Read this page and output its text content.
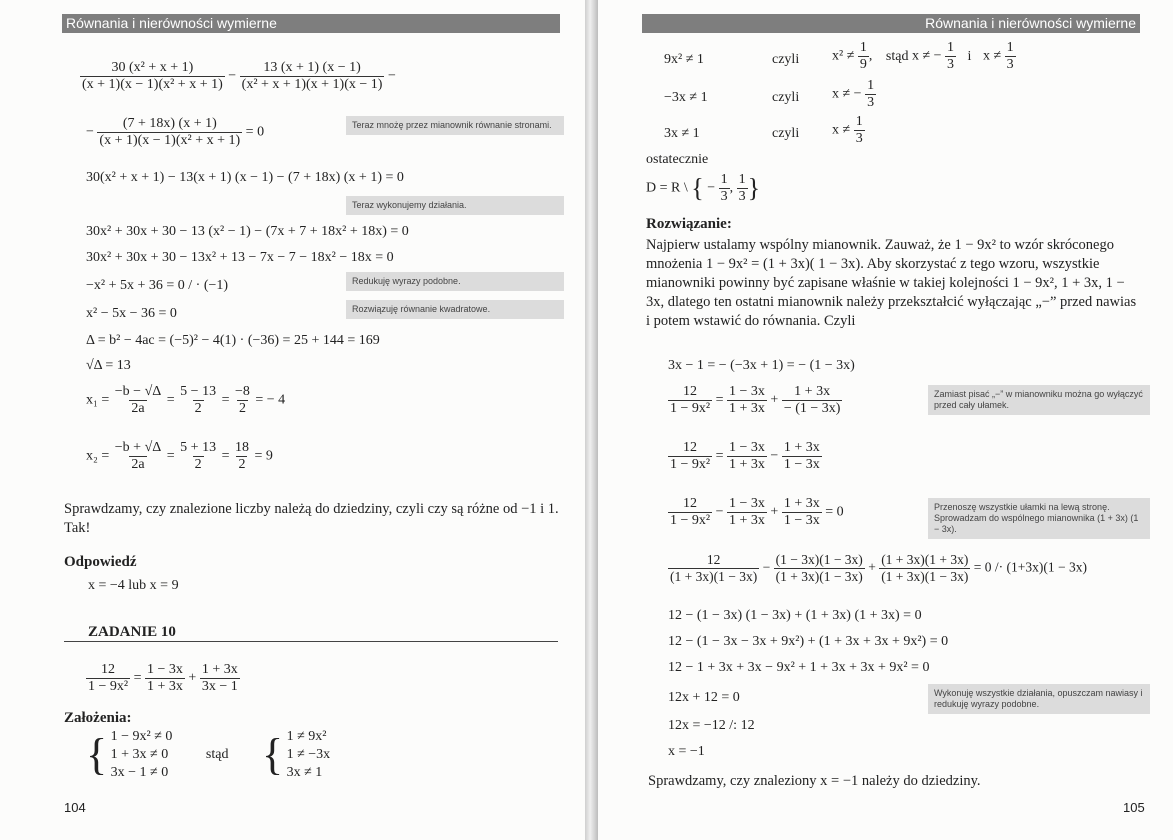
Równania i nierówności wymierne
$\frac{\text{30 (x² + x + 1)}}{\text{(x + 1)(x − 1)(x² + x + 1)}} - \frac{13 (x + 1) (x - 1)}{\text{(x² + x + 1)(x + 1)(x − 1)}}$ −
− $\frac{(7 + 18x) (x + 1)}{\text{(x + 1)(x − 1)(x² + x + 1)}} = 0$	Teraz mnożę przez mianownik równanie stronami.
30(x² + x + 1) − 13(x + 1) (x − 1) − (7 + 18x) (x + 1) = 0
Teraz wykonujemy działania.
30x² + 30x + 30 − 13 (x² − 1) − (7x + 7 + 18x² + 18x) = 0
30x² + 30x + 30 − 13x² + 13 − 7x − 7 − 18x² − 18x = 0
−x² + 5x + 36 = 0 / · (−1)	Redukuję wyrazy podobne.
x² − 5x − 36 = 0	Rozwiązuję równanie kwadratowe.
Δ = b² − 4ac = (−5)² − 4(1) · (−36) = 25 + 144 = 169
√Δ = 13
$x_1 = \frac{-b - √\Delta}{2a} = \frac{5 - 13}{2} = \frac{-8}{2}$ = − 4
$x_2 = \frac{-b + √\Delta}{2a} = \frac{5 + 13}{2} = \frac{18}{2} = 9$
Sprawdzamy, czy znalezione liczby należą do dziedziny, czyli czy są różne od −1 i 1. Tak!
Odpowiedź
x = −4 lub x = 9
ZADANIE 10
$\frac{12}{\text{1 − 9x²}} = \frac{1 - 3x}{1 + 3x} + \frac{1 + 3x}{3x - 1}$
Założenia:
{ 1 − 9x² ≠ 0
1 + 3x ≠ 0
3x − 1 ≠ 0
stąd { 1 ≠ 9x²
1 ≠ −3x
3x ≠ 1
104
Równania i nierówności wymierne
9x² ≠ 1	czyli $x^2 \ne \frac{1}{9}$ , stąd x ≠ − $\frac{1}{3}$ i $x \ne \frac{1}{3}$
−3x ≠ 1	czyli x ≠ − $\frac{1}{3}$
3x ≠ 1	czyli $x \ne \frac{1}{3}$
ostatecznie
D = R \ { − $\frac{1}{3}$ , $\frac{1}{3}$ }
Rozwiązanie:
Najpierw ustalamy wspólny mianownik. Zauważ, że 1 − 9x² to wzór skróconego mnożenia 1 − 9x² = (1 + 3x)( 1 − 3x). Aby skorzystać z tego wzoru, wszystkie mianowniki powinny być zapisane właśnie w takiej kolejności 1 − 9x², 1 + 3x, 1 − 3x, dlatego ten ostatni mianownik należy przekształcić wyłączając „−” przed nawias i potem wstawić do równania. Czyli
3x − 1 = − (−3x + 1) = − (1 − 3x)
$\frac{12}{\text{1 − 9x²}} = \frac{1 - 3x}{1 + 3x} + \frac{1 + 3x}{- (1 - 3x)}$	Zamiast pisać „−” w mianowniku można go wyłączyć przed cały ułamek.
$\frac{12}{\text{1 − 9x²}} = \frac{1 - 3x}{1 + 3x} - \frac{1 + 3x}{1 - 3x}$
$\frac{12}{\text{1 − 9x²}} - \frac{1 - 3x}{1 + 3x} + \frac{1 + 3x}{1 - 3x} = 0$	Przenoszę wszystkie ułamki na lewą stronę. Sprowadzam do wspólnego mianownika (1 + 3x) (1 − 3x).
$\frac{12}{(1 + 3x)(1 - 3x)} - \frac{(1 - 3x)(1 - 3x)}{(1 + 3x)(1 - 3x)} + \frac{(1 + 3x)(1 + 3x)}{(1 + 3x)(1 - 3x)} = 0 /\cdot (1+3x)(1 - 3x)$
12 − (1 − 3x) (1 − 3x) + (1 + 3x) (1 + 3x) = 0
12 − (1 − 3x − 3x + 9x²) + (1 + 3x + 3x + 9x²) = 0
12 − 1 + 3x + 3x − 9x² + 1 + 3x + 3x + 9x² = 0
12x + 12 = 0	Wykonuję wszystkie działania, opuszczam nawiasy i redukuję wyrazy podobne.
12x = −12 /: 12
x = −1
Sprawdzamy, czy znaleziony x = −1 należy do dziedziny.
105
